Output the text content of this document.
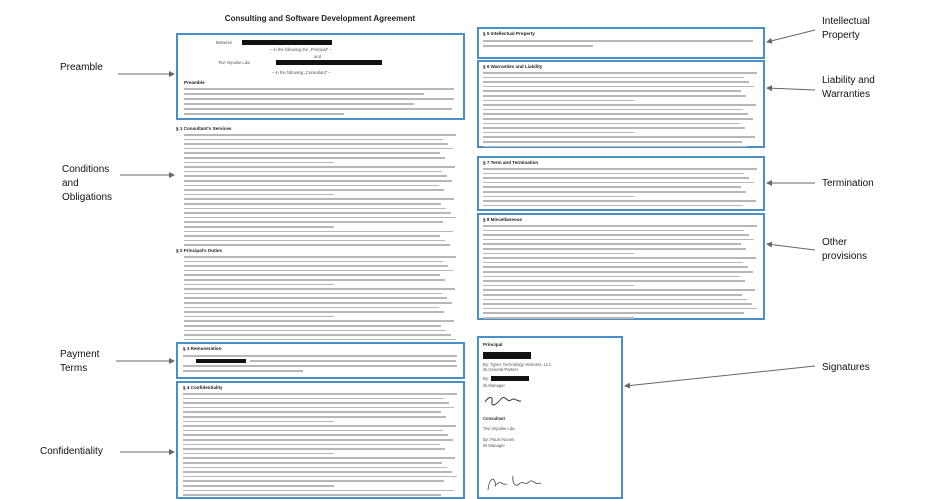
Consulting and Software Development Agreement
Between
– in the following the „Principal" –
and
Tovi Impulse Lda.
– in the following „Consultant" –
Preamble
§ 1 Consultant's Services
§ 2 Principal's Duties
§ 3 Remuneration
§ 4 Confidentiality
§ 5 Intellectual Property
§ 6 Warranties and Liability
§ 7 Term and Termination
§ 8 Miscellaneous
Principal
By: Type1 Technology Ventures, LLC
its General Partner
By:
its Manager
Consultant
Tovi Impulse Lda.
By: Paulo Nunes
its Manager
Preamble
Conditions and Obligations
Payment Terms
Confidentiality
Intellectual Property
Liability and Warranties
Termination
Other provisions
Signatures
